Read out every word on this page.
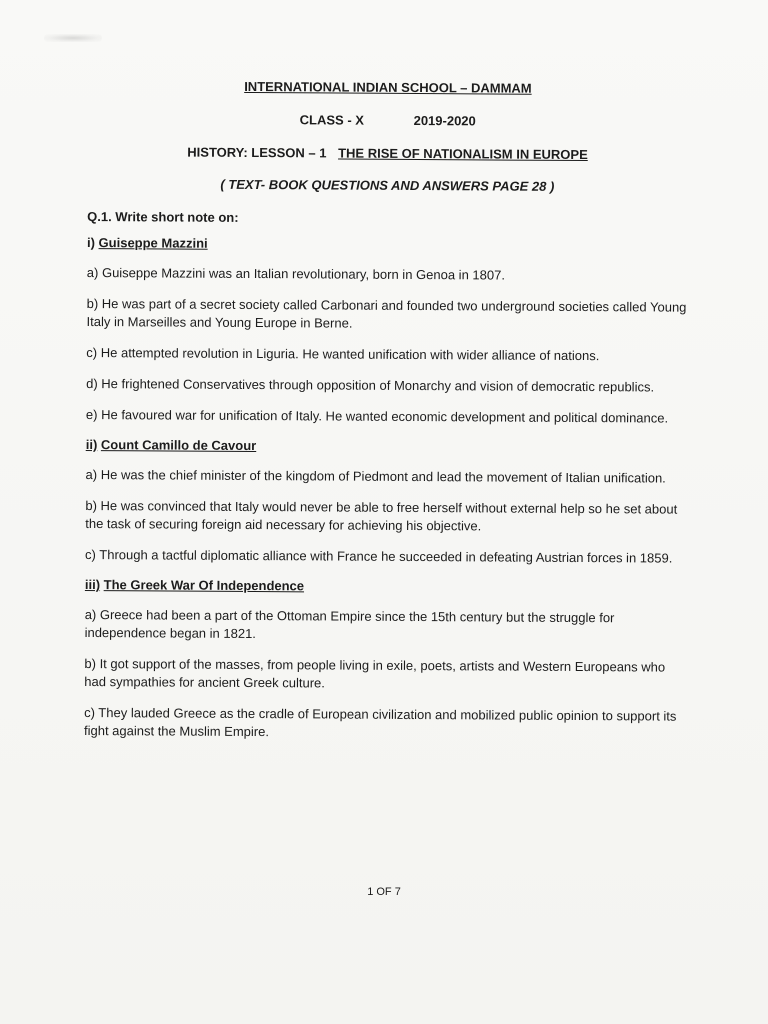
INTERNATIONAL INDIAN SCHOOL – DAMMAM
CLASS - X	2019-2020
HISTORY: LESSON – 1 THE RISE OF NATIONALISM IN EUROPE
( TEXT- BOOK QUESTIONS AND ANSWERS PAGE 28 )
Q.1. Write short note on:
i) Guiseppe Mazzini
a) Guiseppe Mazzini was an Italian revolutionary, born in Genoa in 1807.
b) He was part of a secret society called Carbonari and founded two underground societies called Young Italy in Marseilles and Young Europe in Berne.
c) He attempted revolution in Liguria. He wanted unification with wider alliance of nations.
d) He frightened Conservatives through opposition of Monarchy and vision of democratic republics.
e) He favoured war for unification of Italy. He wanted economic development and political dominance.
ii) Count Camillo de Cavour
a) He was the chief minister of the kingdom of Piedmont and lead the movement of Italian unification.
b) He was convinced that Italy would never be able to free herself without external help so he set about the task of securing foreign aid necessary for achieving his objective.
c) Through a tactful diplomatic alliance with France he succeeded in defeating Austrian forces in 1859.
iii) The Greek War Of Independence
a) Greece had been a part of the Ottoman Empire since the 15th century but the struggle for independence began in 1821.
b) It got support of the masses, from people living in exile, poets, artists and Western Europeans who had sympathies for ancient Greek culture.
c) They lauded Greece as the cradle of European civilization and mobilized public opinion to support its fight against the Muslim Empire.
1 OF 7
